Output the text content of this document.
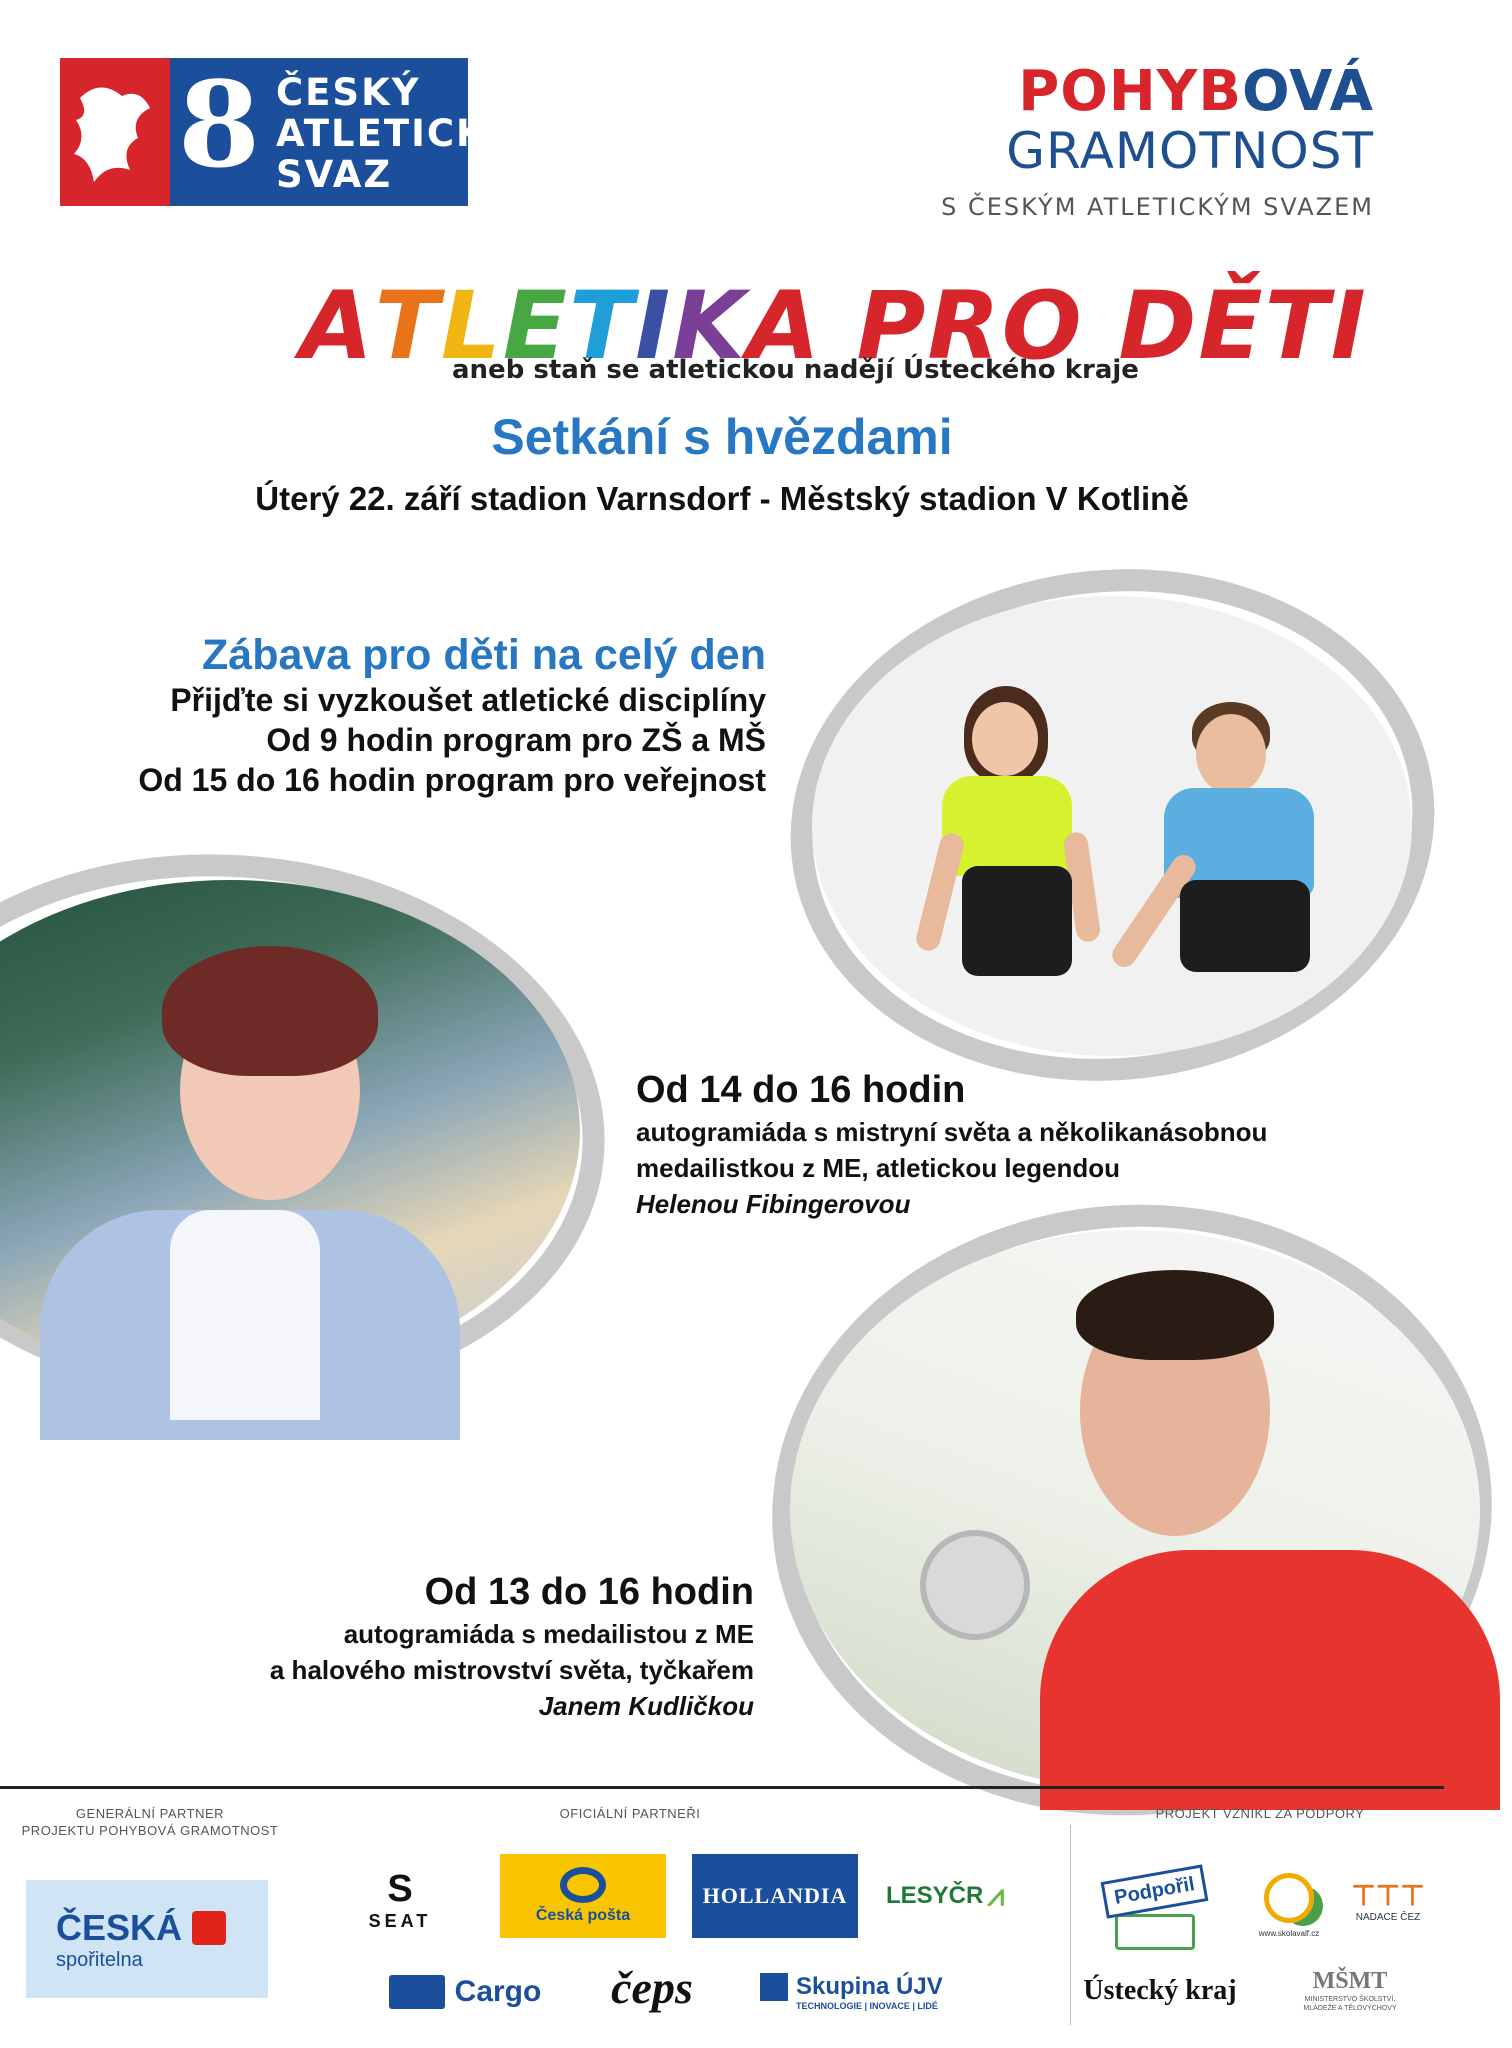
8 ČESKÝ
ATLETICKÝ
SVAZ
POHYBOVÁ
GRAMOTNOST
S ČESKÝM ATLETICKÝM SVAZEM
ATLETIKA PRO DĚTI
aneb staň se atletickou nadějí Ústeckého kraje
Setkání s hvězdami
Úterý 22. září stadion Varnsdorf - Městský stadion V Kotlině
Zábava pro děti na celý den
Přijďte si vyzkoušet atletické disciplíny
Od 9 hodin program pro ZŠ a MŠ
Od 15 do 16 hodin program pro veřejnost
Od 14 do 16 hodin
autogramiáda s mistryní světa a několikanásobnou
medailistkou z ME, atletickou legendou
Helenou Fibingerovou
Od 13 do 16 hodin
autogramiáda s medailistou z ME
a halového mistrovství světa, tyčkařem
Janem Kudličkou
GENERÁLNÍ PARTNER
PROJEKTU POHYBOVÁ GRAMOTNOST
OFICIÁLNÍ PARTNEŘI	PROJEKT VZNIKL ZA PODPORY
ČESKÁ
spořitelna
S
SEAT	Česká pošta
HOLLANDIA	LESYČR ⩘
Cargo	čeps	Skupina ÚJV
TECHNOLOGIE | INOVACE | LIDÉ
Podpořil
Ústecký kraj
www.skolavalf.cz
⊤⊤⊤
NADACE ČEZ
MŠMT
MINISTERSTVO ŠKOLSTVÍ, MLÁDEŽE A TĚLOVÝCHOVY
